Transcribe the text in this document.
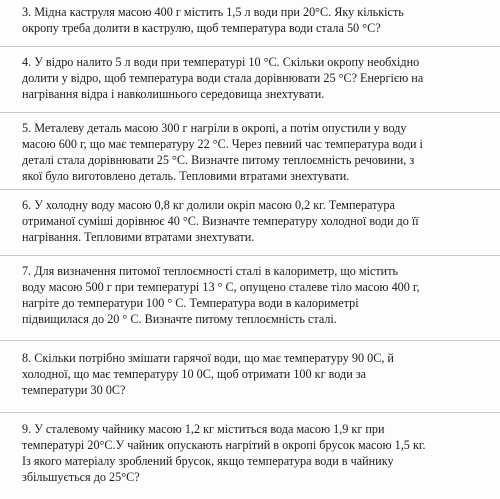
3. Мідна каструля масою 400 г містить 1,5 л води при 20°С. Яку кількість
окропу треба долити в каструлю, щоб температура води стала 50 °С?
4. У відро налито 5 л води при температурі 10 °С. Скільки окропу необхідно
долити у відро, щоб температура води стала дорівнювати 25 °С? Енергією на
нагрівання відра і навколишнього середовища знехтувати.
5. Металеву деталь масою 300 г нагріли в окропі, а потім опустили у воду
масою 600 г, що має температуру 22 °С. Через певний час температура води і
деталі стала дорівнювати 25 °С. Визначте питому теплоємність речовини, з
якої було виготовлено деталь. Тепловими втратами знехтувати.
6. У холодну воду масою 0,8 кг долили окріп масою 0,2 кг. Температура
отриманої суміші дорівнює 40 °С. Визначте температуру холодної води до її
нагрівання. Тепловими втратами знехтувати.
7. Для визначення питомої теплоємності сталі в калориметр, що містить
воду масою 500 г при температурі 13 ° С, опущено сталеве тіло масою 400 г,
нагріте до температури 100 ° С. Температура води в калориметрі
підвищилася до 20 ° С. Визначте питому теплоємність сталі.
8. Скільки потрібно змішати гарячої води, що має температуру 90 0С, й
холодної, що має температуру 10 0С, щоб отримати 100 кг води за
температури 30 0С?
9. У сталевому чайнику масою 1,2 кг міститься вода масою 1,9 кг при
температурі 20°С.У чайник опускають нагрітий в окропі брусок масою 1,5 кг.
Із якого матеріалу зроблений брусок, якщо температура води в чайнику
збільшується до 25°С?
